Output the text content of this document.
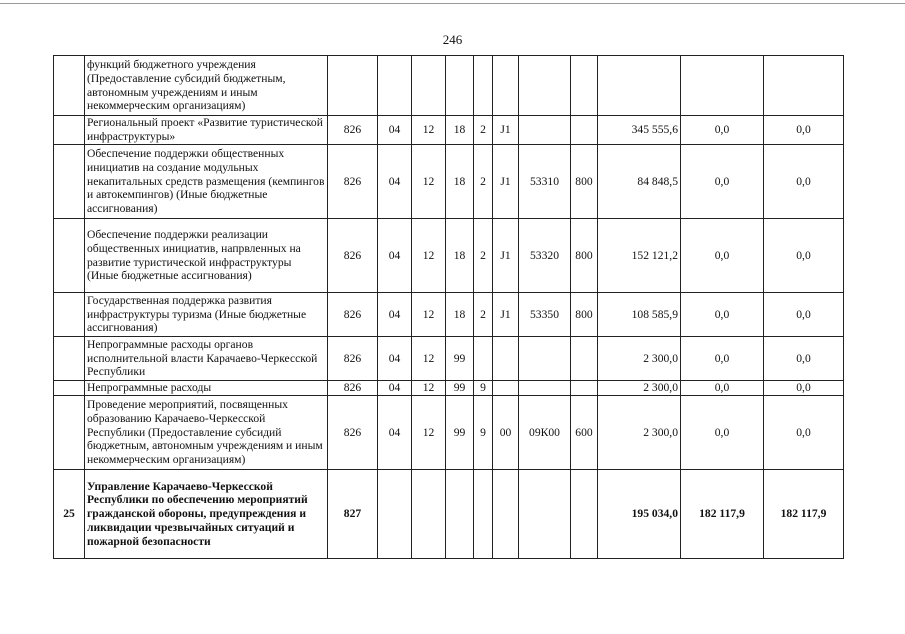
246
	функций бюджетного учреждения (Предоставление субсидий бюджетным, автономным учреждениям и иным некоммерческим организациям)											
	Региональный проект «Развитие туристической инфраструктуры»	826	04	12	18	2	J1			345 555,6	0,0	0,0
	Обеспечение поддержки общественных инициатив на создание модульных некапитальных средств размещения (кемпингов и автокемпингов) (Иные бюджетные ассигнования)	826	04	12	18	2	J1	53310	800	84 848,5	0,0	0,0
	Обеспечение поддержки реализации общественных инициатив, напрвленных на развитие туристической инфраструктуры (Иные бюджетные ассигнования)	826	04	12	18	2	J1	53320	800	152 121,2	0,0	0,0
	Государственная поддержка развития инфраструктуры туризма (Иные бюджетные ассигнования)	826	04	12	18	2	J1	53350	800	108 585,9	0,0	0,0
	Непрограммные расходы органов исполнительной власти Карачаево-Черкесской Республики	826	04	12	99					2 300,0	0,0	0,0
	Непрограммные расходы	826	04	12	99	9				2 300,0	0,0	0,0
	Проведение мероприятий, посвященных образованию Карачаево-Черкесской Республики (Предоставление субсидий бюджетным, автономным учреждениям и иным некоммерческим организациям)	826	04	12	99	9	00	09К00	600	2 300,0	0,0	0,0
25	Управление Карачаево-Черкесской Республики по обеспечению мероприятий гражданской обороны, предупреждения и ликвидации чрезвычайных ситуаций и пожарной безопасности	827								195 034,0	182 117,9	182 117,9
